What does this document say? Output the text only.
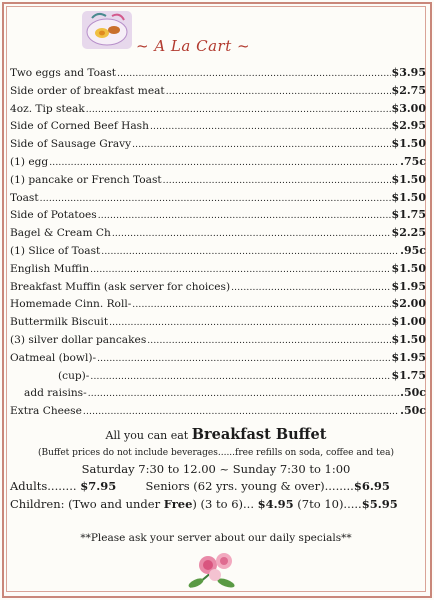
~ A La Cart ~
Two eggs and Toast .....	$3.95
Side order of breakfast meat .....	$2.75
4oz. Tip steak .....	$3.00
Side of Corned Beef Hash .....	$2.95
Side of Sausage Gravy .....	$1.50
(1) egg .....	.75c
(1) pancake or French Toast .....	$1.50
Toast .....	$1.50
Side of Potatoes .....	$1.75
Bagel & Cream Ch .....	$2.25
(1) Slice of Toast .....	.95c
English Muffin .....	$1.50
Breakfast Muffin (ask server for choices) .....	$1.95
Homemade Cinn. Roll- .....	$2.00
Buttermilk Biscuit .....	$1.00
(3) silver dollar pancakes .....	$1.50
Oatmeal (bowl)- .....	$1.95
(cup)- .....	$1.75
add raisins- .....	.50c
Extra Cheese .....	.50c
All you can eat Breakfast Buffet
(Buffet prices do not include beverages......free refills on soda, coffee and tea)
Saturday 7:30 to 12.00 ~ Sunday 7:30 to 1:00
Adults........ $7.95	Seniors (62 yrs. young & over)........$6.95
Children: (Two and under Free) (3 to 6)... $4.95 (7to 10).....$5.95
**Please ask your server about our daily specials**
